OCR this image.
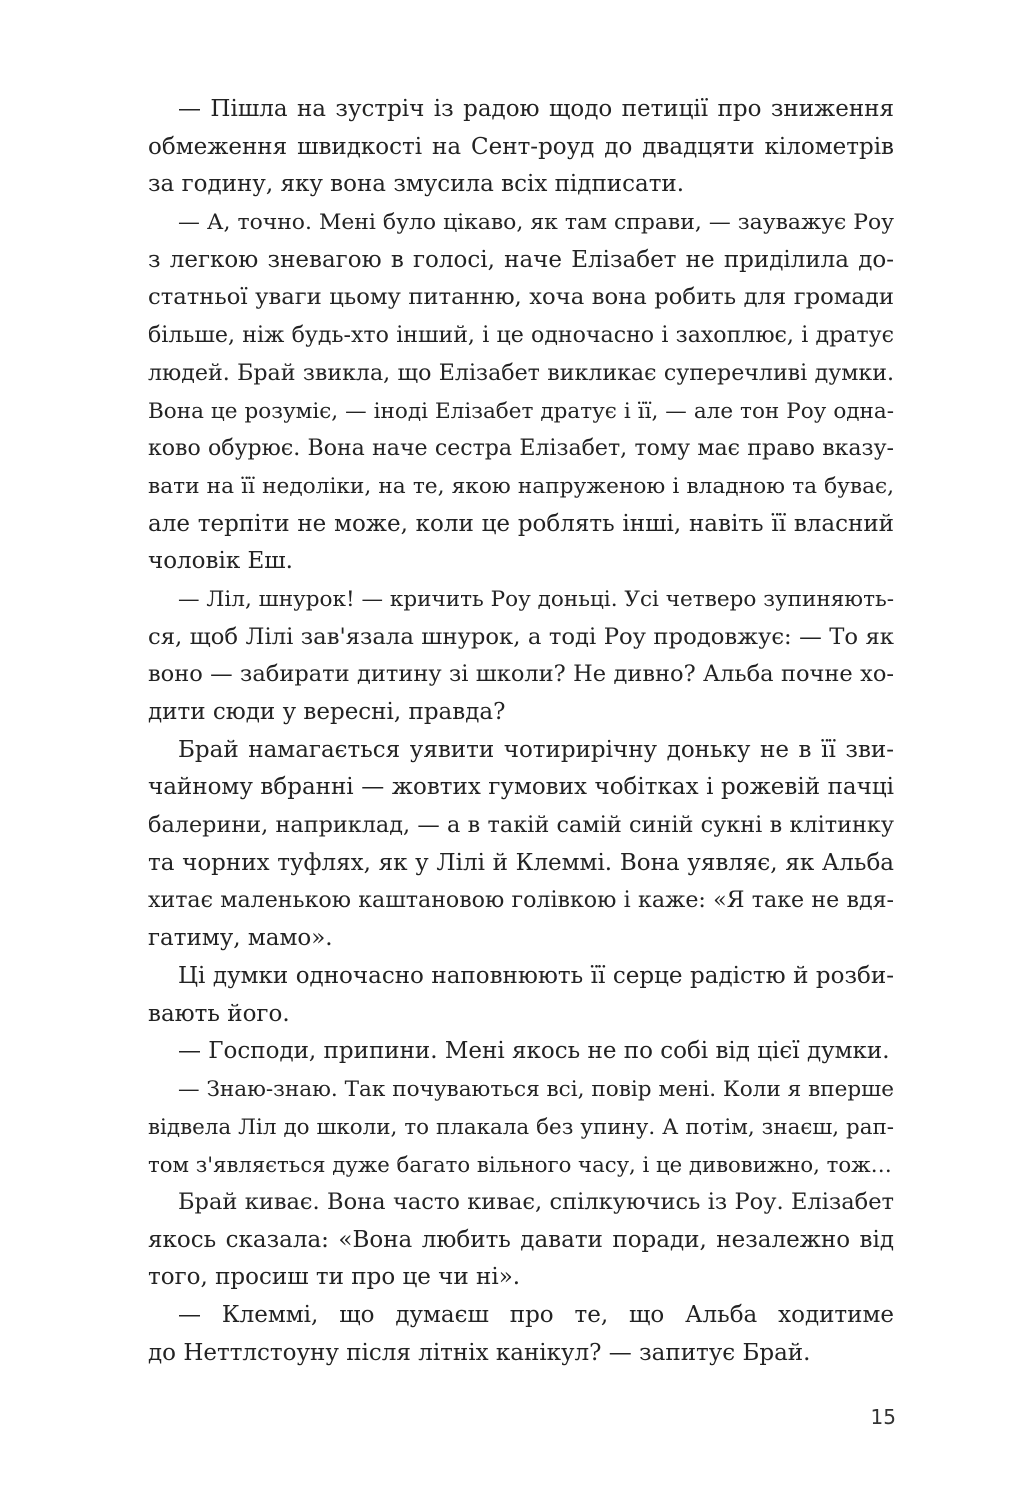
— Пішла на зустріч із радою щодо петиції про зниження
обмеження швидкості на Сент-роуд до двадцяти кілометрів
за годину, яку вона змусила всіх підписати.
— А, точно. Мені було цікаво, як там справи, — зауважує Роу
з легкою зневагою в голосі, наче Елізабет не приділила до-
статньої уваги цьому питанню, хоча вона робить для громади
більше, ніж будь-хто інший, і це одночасно і захоплює, і дратує
людей. Брай звикла, що Елізабет викликає суперечливі думки.
Вона це розуміє, — іноді Елізабет дратує і її, — але тон Роу одна-
ково обурює. Вона наче сестра Елізабет, тому має право вказу-
вати на її недоліки, на те, якою напруженою і владною та буває,
але терпіти не може, коли це роблять інші, навіть її власний
чоловік Еш.
— Ліл, шнурок! — кричить Роу доньці. Усі четверо зупиняють-
ся, щоб Лілі зав'язала шнурок, а тоді Роу продовжує: — То як
воно — забирати дитину зі школи? Не дивно? Альба почне хо-
дити сюди у вересні, правда?
Брай намагається уявити чотирирічну доньку не в її зви-
чайному вбранні — жовтих гумових чобітках і рожевій пачці
балерини, наприклад, — а в такій самій синій сукні в клітинку
та чорних туфлях, як у Лілі й Клеммі. Вона уявляє, як Альба
хитає маленькою каштановою голівкою і каже: «Я таке не вдя-
гатиму, мамо».
Ці думки одночасно наповнюють її серце радістю й розби-
вають його.
— Господи, припини. Мені якось не по собі від цієї думки.
— Знаю-знаю. Так почуваються всі, повір мені. Коли я вперше
відвела Ліл до школи, то плакала без упину. А потім, знаєш, рап-
том з'являється дуже багато вільного часу, і це дивовижно, тож…
Брай киває. Вона часто киває, спілкуючись із Роу. Елізабет
якось сказала: «Вона любить давати поради, незалежно від
того, просиш ти про це чи ні».
— Клеммі, що думаєш про те, що Альба ходитиме
до Неттлстоуну після літніх канікул? — запитує Брай.
15
